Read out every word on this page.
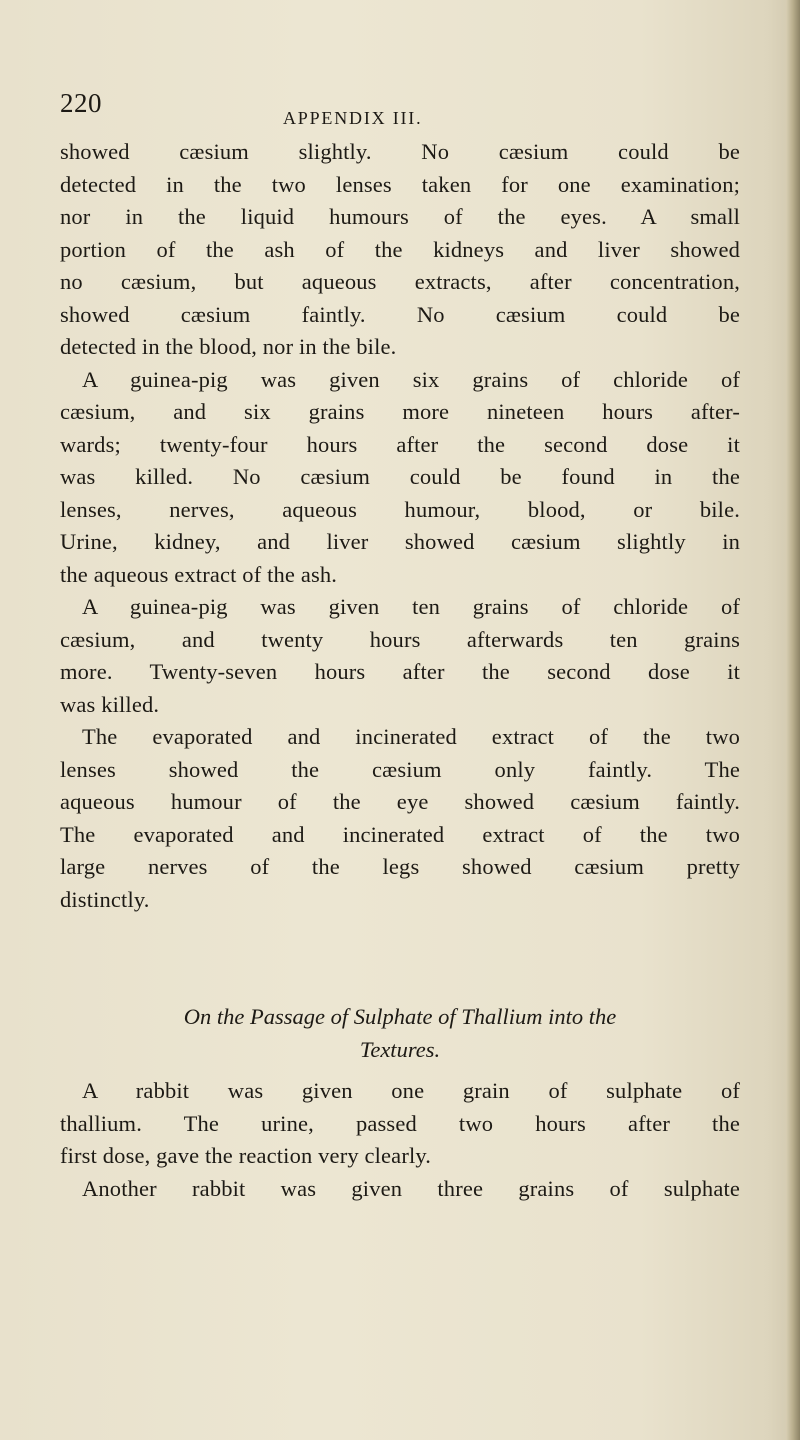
220	APPENDIX III.
showed cæsium slightly. No cæsium could be
detected in the two lenses taken for one examination;
nor in the liquid humours of the eyes. A small
portion of the ash of the kidneys and liver showed
no cæsium, but aqueous extracts, after concentration,
showed cæsium faintly. No cæsium could be
detected in the blood, nor in the bile.
A guinea-pig was given six grains of chloride of
cæsium, and six grains more nineteen hours after-
wards; twenty-four hours after the second dose it
was killed. No cæsium could be found in the
lenses, nerves, aqueous humour, blood, or bile.
Urine, kidney, and liver showed cæsium slightly in
the aqueous extract of the ash.
A guinea-pig was given ten grains of chloride of
cæsium, and twenty hours afterwards ten grains
more. Twenty-seven hours after the second dose it
was killed.
The evaporated and incinerated extract of the two
lenses showed the cæsium only faintly. The
aqueous humour of the eye showed cæsium faintly.
The evaporated and incinerated extract of the two
large nerves of the legs showed cæsium pretty
distinctly.
On the Passage of Sulphate of Thallium into the
Textures.
A rabbit was given one grain of sulphate of
thallium. The urine, passed two hours after the
first dose, gave the reaction very clearly.
Another rabbit was given three grains of sulphate
